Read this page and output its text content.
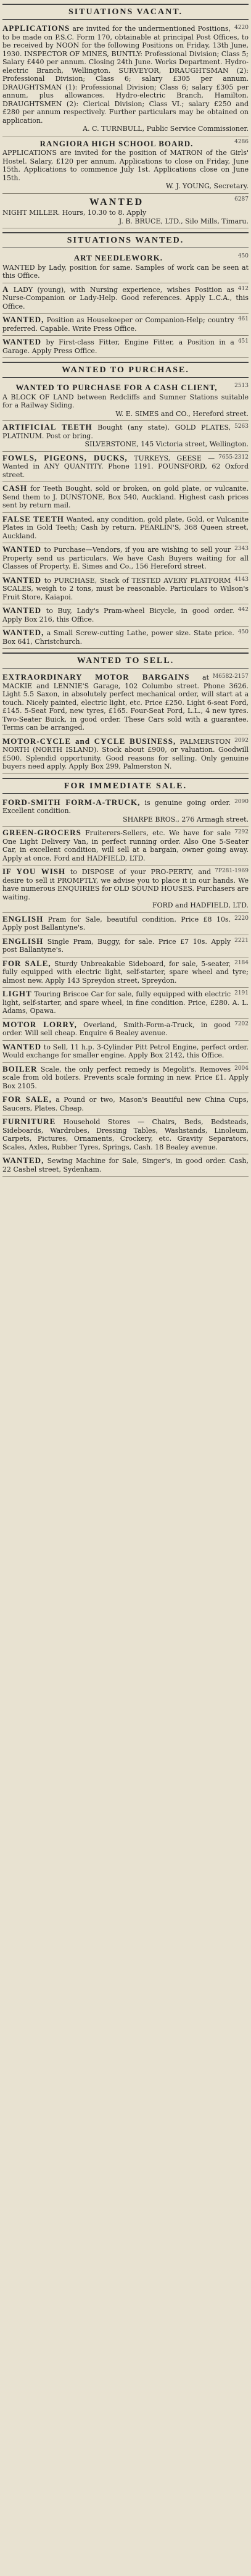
SITUATIONS VACANT.
4220

APPLICATIONS are invited for the undermentioned Positions, to be made on P.S.C. Form 170, obtainable at principal Post Offices, to be received by NOON for the following Positions on Friday, 13th June, 1930. INSPECTOR OF MINES, BUNTLY: Professional Division; Class 5; Salary £440 per annum. Closing 24th June. Works Department. Hydro-electric Branch, Wellington. SURVEYOR, DRAUGHTSMAN (2): Professional Division; Class 6; salary £305 per annum. DRAUGHTSMAN (1): Professional Division; Class 6; salary £305 per annum, plus allowances. Hydro-electric Branch, Hamilton. DRAUGHTSMEN (2): Clerical Division; Class VI.; salary £250 and £280 per annum respectively. Further particulars may be obtained on application.

A. C. TURNBULL, Public Service Commissioner.
4286
RANGIORA HIGH SCHOOL BOARD.

APPLICATIONS are invited for the position of MATRON of the Girls' Hostel. Salary, £120 per annum. Applications to close on Friday, June 15th. Applications to commence July 1st. Applications close on June 15th.

W. J. YOUNG, Secretary.
6287
WANTED

NIGHT MILLER. Hours, 10.30 to 8. Apply

J. B. BRUCE, LTD., Silo Mills, Timaru.
SITUATIONS WANTED.
450
ART NEEDLEWORK.

WANTED by Lady, position for same. Samples of work can be seen at this Office.

412

A LADY (young), with Nursing experience, wishes Position as Nurse-Companion or Lady-Help. Good references. Apply L.C.A., this Office.

461

WANTED, Position as Housekeeper or Companion-Help; country preferred. Capable. Write Press Office.

451

WANTED by First-class Fitter, Engine Fitter, a Position in a Garage. Apply Press Office.

WANTED TO PURCHASE.
2513
WANTED TO PURCHASE FOR A CASH CLIENT,

A BLOCK OF LAND between Redcliffs and Sumner Stations suitable for a Railway Siding.

W. E. SIMES and CO., Hereford street.
5263

ARTIFICIAL TEETH Bought (any state). GOLD PLATES, PLATINUM. Post or bring.

SILVERSTONE, 145 Victoria street, Wellington.
7655-2312

FOWLS, PIGEONS, DUCKS, TURKEYS, GEESE — Wanted in ANY QUANTITY. Phone 1191. POUNSFORD, 62 Oxford street.

CASH for Teeth Bought, sold or broken, on gold plate, or vulcanite. Send them to J. DUNSTONE, Box 540, Auckland. Highest cash prices sent by return mail.

FALSE TEETH Wanted, any condition, gold plate, Gold, or Vulcanite Plates in Gold Teeth; Cash by return. PEARLIN'S, 368 Queen street, Auckland.

2343

WANTED to Purchase—Vendors, if you are wishing to sell your Property send us particulars. We have Cash Buyers waiting for all Classes of Property. E. Simes and Co., 156 Hereford street.

4143

WANTED to PURCHASE, Stack of TESTED AVERY PLATFORM SCALES, weigh to 2 tons, must be reasonable. Particulars to Wilson's Fruit Store, Kaiapoi.

442

WANTED to Buy, Lady's Pram-wheel Bicycle, in good order. Apply Box 216, this Office.

450

WANTED, a Small Screw-cutting Lathe, power size. State price. Box 641, Christchurch.

WANTED TO SELL.
M6582-2157

EXTRAORDINARY MOTOR BARGAINS at MACKIE and LENNIE'S Garage, 102 Columbo street. Phone 3626. Light 5.5 Saxon, in absolutely perfect mechanical order, will start at a touch. Nicely painted, electric light, etc. Price £250. Light 6-seat Ford, £145. 5-Seat Ford, new tyres, £165. Four-Seat Ford, L.L., 4 new tyres. Two-Seater Buick, in good order. These Cars sold with a guarantee. Terms can be arranged.

2092

MOTOR-CYCLE and CYCLE BUSINESS, PALMERSTON NORTH (NORTH ISLAND). Stock about £900, or valuation. Goodwill £500. Splendid opportunity. Good reasons for selling. Only genuine buyers need apply. Apply Box 299, Palmerston N.

FOR IMMEDIATE SALE.
2090

FORD-SMITH FORM-A-TRUCK, is genuine going order. Excellent condition.

SHARPE BROS., 276 Armagh street.
7292

GREEN-GROCERS Fruiterers-Sellers, etc. We have for sale One Light Delivery Van, in perfect running order. Also One 5-Seater Car, in excellent condition, will sell at a bargain, owner going away. Apply at once, Ford and HADFIELD, LTD.

7P281-1969

IF YOU WISH to DISPOSE of your PRO-PERTY, and desire to sell it PROMPTLY, we advise you to place it in our hands. We have numerous ENQUIRIES for OLD SOUND HOUSES. Purchasers are waiting.

FORD and HADFIELD, LTD.
2220

ENGLISH Pram for Sale, beautiful condition. Price £8 10s. Apply post Ballantyne's.

2221

ENGLISH Single Pram, Buggy, for sale. Price £7 10s. Apply post Ballantyne's.

2184

FOR SALE, Sturdy Unbreakable Sideboard, for sale, 5-seater, fully equipped with electric light, self-starter, spare wheel and tyre; almost new. Apply 143 Spreydon street, Spreydon.

2191

LIGHT Touring Briscoe Car for sale, fully equipped with electric light, self-starter, and spare wheel, in fine condition. Price, £280. A. L. Adams, Opawa.

7202

MOTOR LORRY, Overland, Smith-Form-a-Truck, in good order. Will sell cheap. Enquire 6 Bealey avenue.

WANTED to Sell, 11 h.p. 3-Cylinder Pitt Petrol Engine, perfect order. Would exchange for smaller engine. Apply Box 2142, this Office.

2004

BOILER Scale, the only perfect remedy is Megolit's. Removes scale from old boilers. Prevents scale forming in new. Price £1. Apply Box 2105.

FOR SALE, a Pound or two, Mason's Beautiful new China Cups, Saucers, Plates. Cheap.

FURNITURE Household Stores — Chairs, Beds, Bedsteads, Sideboards, Wardrobes, Dressing Tables, Washstands, Linoleum, Carpets, Pictures, Ornaments, Crockery, etc. Gravity Separators, Scales, Axles, Rubber Tyres, Springs, Cash. 18 Bealey avenue.

WANTED, Sewing Machine for Sale, Singer's, in good order. Cash, 22 Cashel street, Sydenham.
